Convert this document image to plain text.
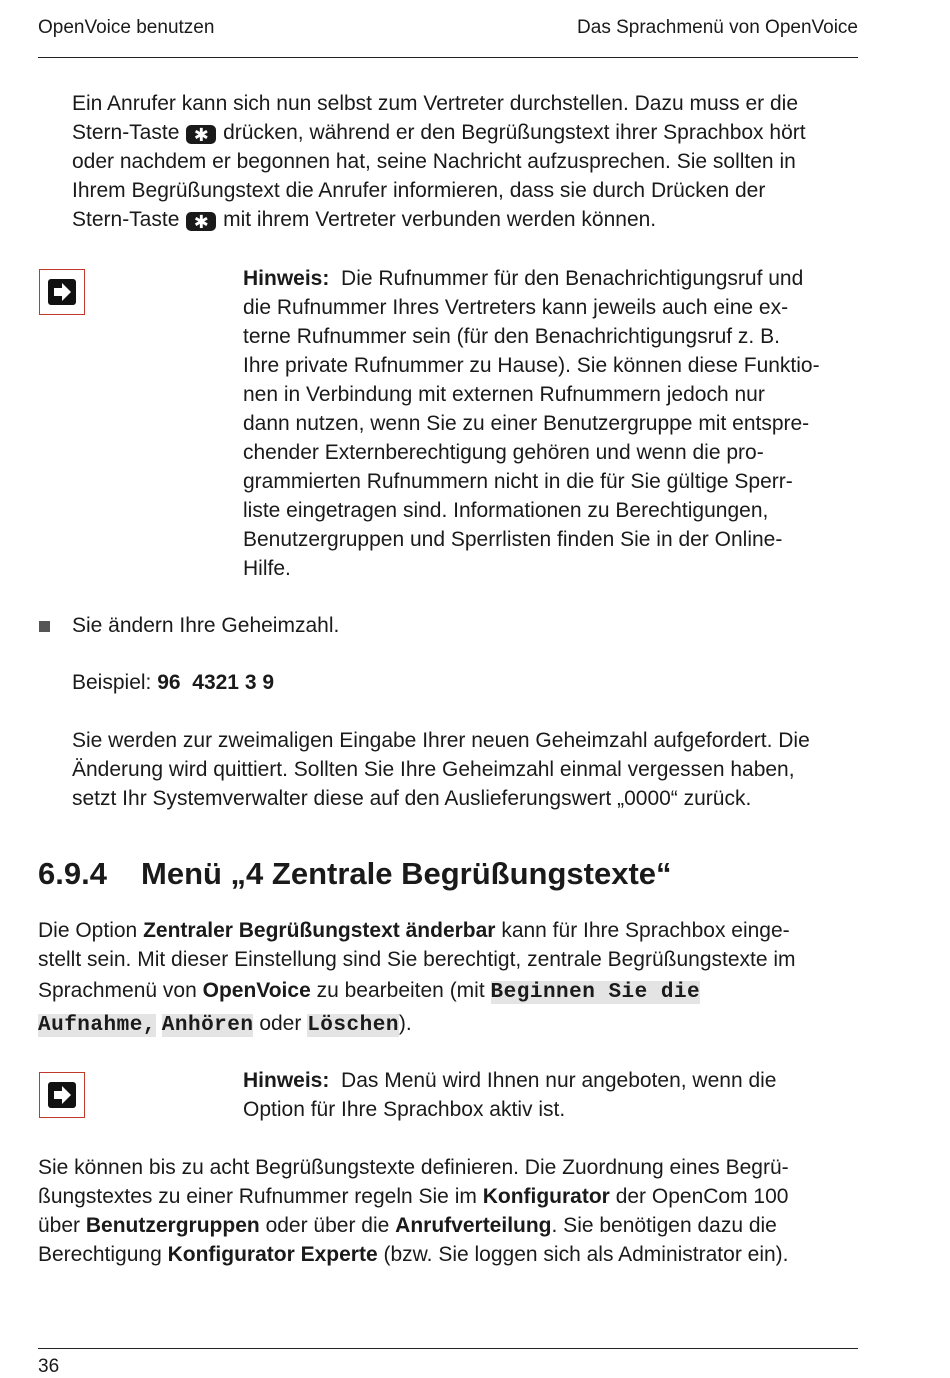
OpenVoice benutzen	Das Sprachmenü von OpenVoice
Ein Anrufer kann sich nun selbst zum Vertreter durchstellen. Dazu muss er die
Stern-Taste ✱ drücken, während er den Begrüßungstext ihrer Sprachbox hört
oder nachdem er begonnen hat, seine Nachricht aufzusprechen. Sie sollten in
Ihrem Begrüßungstext die Anrufer informieren, dass sie durch Drücken der
Stern-Taste ✱ mit ihrem Vertreter verbunden werden können.
Hinweis: Die Rufnummer für den Benachrichtigungsruf und
die Rufnummer Ihres Vertreters kann jeweils auch eine ex-
terne Rufnummer sein (für den Benachrichtigungsruf z. B.
Ihre private Rufnummer zu Hause). Sie können diese Funktio-
nen in Verbindung mit externen Rufnummern jedoch nur
dann nutzen, wenn Sie zu einer Benutzergruppe mit entspre-
chender Externberechtigung gehören und wenn die pro-
grammierten Rufnummern nicht in die für Sie gültige Sperr-
liste eingetragen sind. Informationen zu Berechtigungen,
Benutzergruppen und Sperrlisten finden Sie in der Online-
Hilfe.
Sie ändern Ihre Geheimzahl.
Beispiel: 96  4321 3 9
Sie werden zur zweimaligen Eingabe Ihrer neuen Geheimzahl aufgefordert. Die
Änderung wird quittiert. Sollten Sie Ihre Geheimzahl einmal vergessen haben,
setzt Ihr Systemverwalter diese auf den Auslieferungswert „0000“ zurück.
6.9.4 Menü „4 Zentrale Begrüßungstexte“
Die Option Zentraler Begrüßungstext änderbar kann für Ihre Sprachbox einge-
stellt sein. Mit dieser Einstellung sind Sie berechtigt, zentrale Begrüßungstexte im
Sprachmenü von OpenVoice zu bearbeiten (mit Beginnen Sie die
Aufnahme, Anhören oder Löschen).
Hinweis: Das Menü wird Ihnen nur angeboten, wenn die
Option für Ihre Sprachbox aktiv ist.
Sie können bis zu acht Begrüßungstexte definieren. Die Zuordnung eines Begrü-
ßungstextes zu einer Rufnummer regeln Sie im Konfigurator der OpenCom 100
über Benutzergruppen oder über die Anrufverteilung. Sie benötigen dazu die
Berechtigung Konfigurator Experte (bzw. Sie loggen sich als Administrator ein).
36
